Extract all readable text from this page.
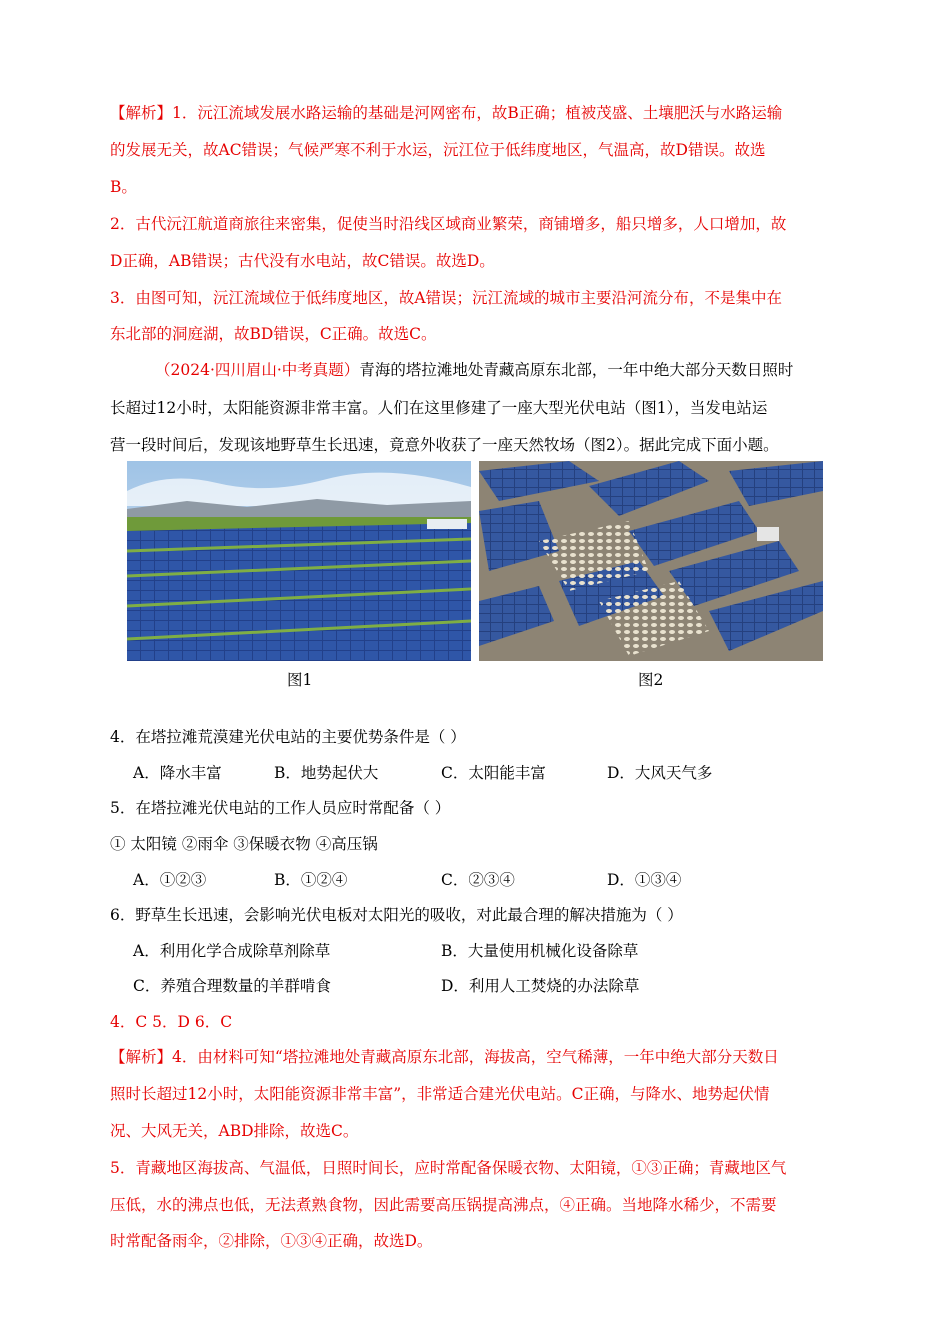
【解析】1．沅江流域发展水路运输的基础是河网密布，故B正确；植被茂盛、土壤肥沃与水路运输
的发展无关，故AC错误；气候严寒不利于水运，沅江位于低纬度地区，气温高，故D错误。故选
B。
2．古代沅江航道商旅往来密集，促使当时沿线区域商业繁荣，商铺增多，船只增多，人口增加，故
D正确，AB错误；古代没有水电站，故C错误。故选D。
3．由图可知，沅江流域位于低纬度地区，故A错误；沅江流域的城市主要沿河流分布，不是集中在
东北部的洞庭湖，故BD错误，C正确。故选C。
（2024·四川眉山·中考真题）青海的塔拉滩地处青藏高原东北部，一年中绝大部分天数日照时
长超过12小时，太阳能资源非常丰富。人们在这里修建了一座大型光伏电站（图1），当发电站运
营一段时间后，发现该地野草生长迅速，竟意外收获了一座天然牧场（图2）。据此完成下面小题。
图1	图2
4．在塔拉滩荒漠建光伏电站的主要优势条件是（ ）
A．降水丰富	B．地势起伏大	C．太阳能丰富	D．大风天气多
5．在塔拉滩光伏电站的工作人员应时常配备（ ）
① 太阳镜 ②雨伞 ③保暖衣物 ④高压锅
A．①②③	B．①②④	C．②③④	D．①③④
6．野草生长迅速，会影响光伏电板对太阳光的吸收，对此最合理的解决措施为（ ）
A．利用化学合成除草剂除草	B．大量使用机械化设备除草
C．养殖合理数量的羊群啃食	D．利用人工焚烧的办法除草
4．C 5．D 6．C
【解析】4．由材料可知“塔拉滩地处青藏高原东北部，海拔高，空气稀薄，一年中绝大部分天数日
照时长超过12小时，太阳能资源非常丰富”，非常适合建光伏电站。C正确，与降水、地势起伏情
况、大风无关，ABD排除，故选C。
5．青藏地区海拔高、气温低，日照时间长，应时常配备保暖衣物、太阳镜，①③正确；青藏地区气
压低，水的沸点也低，无法煮熟食物，因此需要高压锅提高沸点，④正确。当地降水稀少，不需要
时常配备雨伞，②排除，①③④正确，故选D。
